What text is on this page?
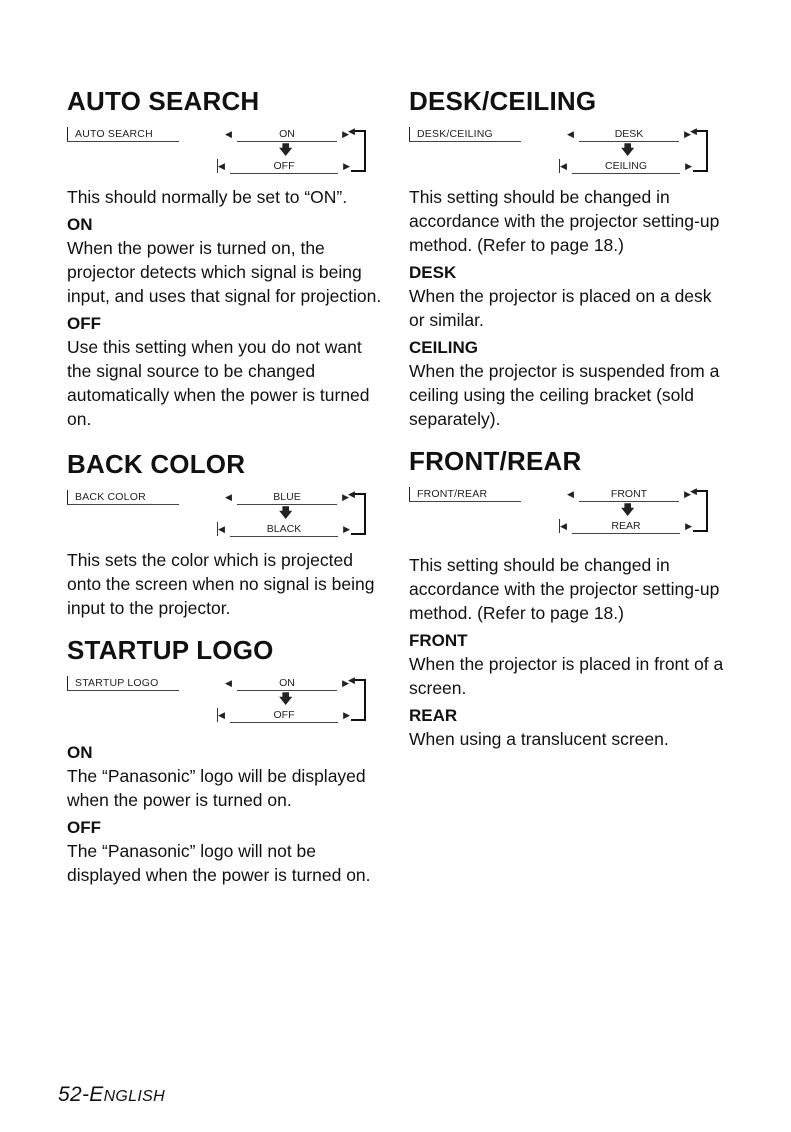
AUTO SEARCH
AUTO SEARCH	◀	ON	▶
🡇
◀	OFF	▶
◀

This should normally be set to “ON”.

ON

When the power is turned on, the projector detects which signal is being input, and uses that signal for projection.

OFF

Use this setting when you do not want the signal source to be changed automatically when the power is turned on.

BACK COLOR
BACK COLOR	◀	BLUE	▶
🡇
◀	BLACK	▶
◀

This sets the color which is projected onto the screen when no signal is being input to the projector.

STARTUP LOGO
STARTUP LOGO	◀	ON	▶
🡇
◀	OFF	▶
◀
ON

The “Panasonic” logo will be displayed when the power is turned on.

OFF

The “Panasonic” logo will not be displayed when the power is turned on.

DESK/CEILING
DESK/CEILING	◀	DESK	▶
🡇
◀	CEILING	▶
◀

This setting should be changed in accordance with the projector setting-up method. (Refer to page 18.)

DESK

When the projector is placed on a desk or similar.

CEILING

When the projector is suspended from a ceiling using the ceiling bracket (sold separately).

FRONT/REAR
FRONT/REAR	◀	FRONT	▶
🡇
◀	REAR	▶
◀

This setting should be changed in accordance with the projector setting-up method. (Refer to page 18.)

FRONT

When the projector is placed in front of a screen.

REAR

When using a translucent screen.

52-ENGLISH
